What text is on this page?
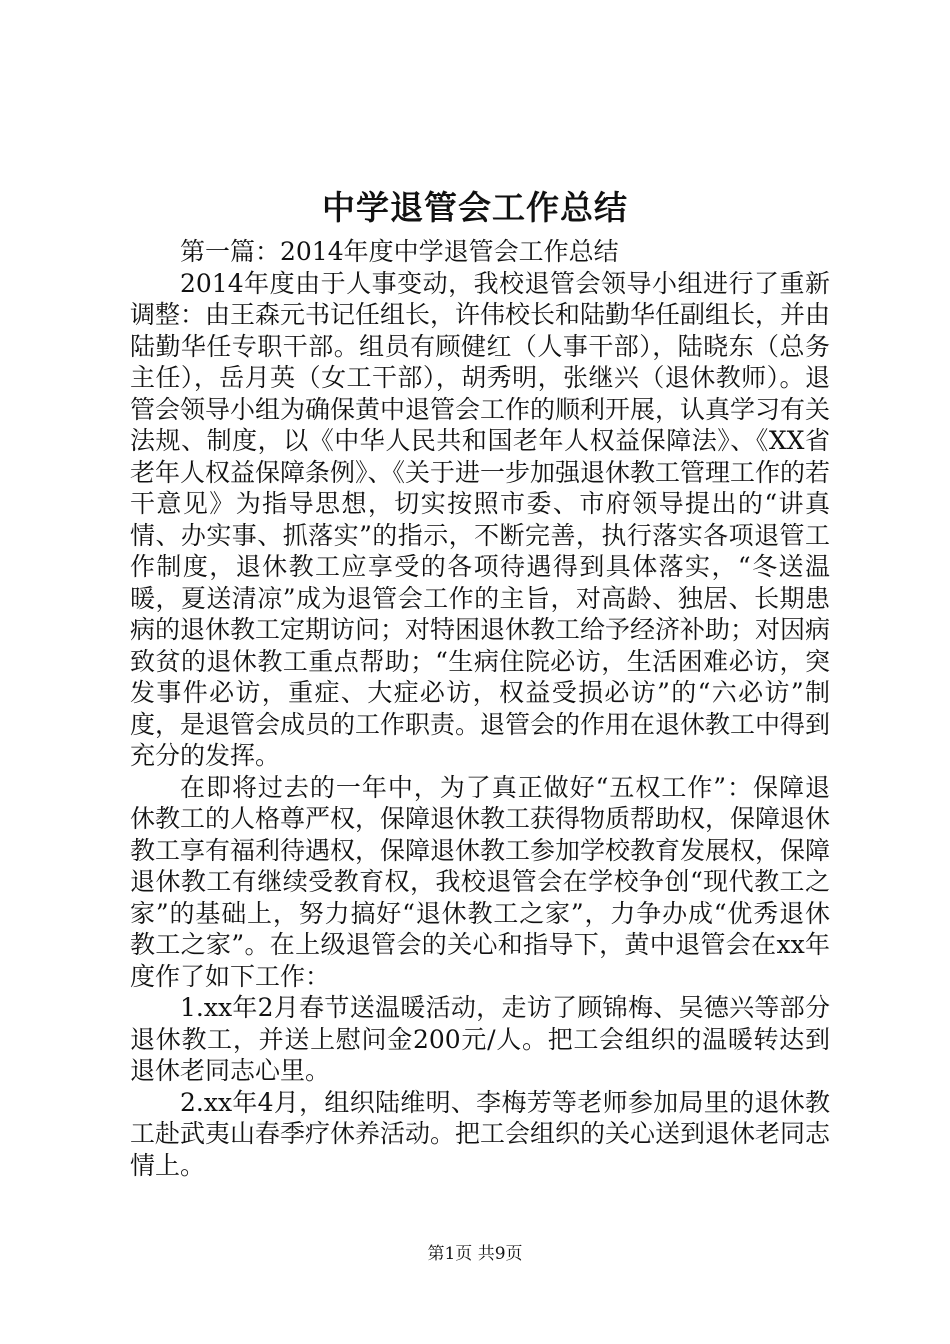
中学退管会工作总结

第一篇：2014年度中学退管会工作总结

2014年度由于人事变动，我校退管会领导小组进行了重新调整：由王森元书记任组长，许伟校长和陆勤华任副组长，并由陆勤华任专职干部。组员有顾健红（人事干部），陆晓东（总务主任），岳月英（女工干部），胡秀明，张继兴（退休教师）。退管会领导小组为确保黄中退管会工作的顺利开展，认真学习有关法规、制度，以《中华人民共和国老年人权益保障法》、《XX省老年人权益保障条例》、《关于进一步加强退休教工管理工作的若干意见》为指导思想，切实按照市委、市府领导提出的“讲真情、办实事、抓落实”的指示，不断完善，执行落实各项退管工作制度，退休教工应享受的各项待遇得到具体落实，“冬送温暖，夏送清凉”成为退管会工作的主旨，对高龄、独居、长期患病的退休教工定期访问；对特困退休教工给予经济补助；对因病致贫的退休教工重点帮助；“生病住院必访，生活困难必访，突发事件必访，重症、大症必访，权益受损必访”的“六必访”制度，是退管会成员的工作职责。退管会的作用在退休教工中得到充分的发挥。

在即将过去的一年中，为了真正做好“五权工作”：保障退休教工的人格尊严权，保障退休教工获得物质帮助权，保障退休教工享有福利待遇权，保障退休教工参加学校教育发展权，保障退休教工有继续受教育权，我校退管会在学校争创“现代教工之家”的基础上，努力搞好“退休教工之家”，力争办成“优秀退休教工之家”。在上级退管会的关心和指导下，黄中退管会在xx年度作了如下工作：

1.xx年2月春节送温暖活动，走访了顾锦梅、吴德兴等部分退休教工，并送上慰问金200元/人。把工会组织的温暖转达到退休老同志心里。

2.xx年4月，组织陆维明、李梅芳等老师参加局里的退休教工赴武夷山春季疗休养活动。把工会组织的关心送到退休老同志情上。

第1页 共9页
